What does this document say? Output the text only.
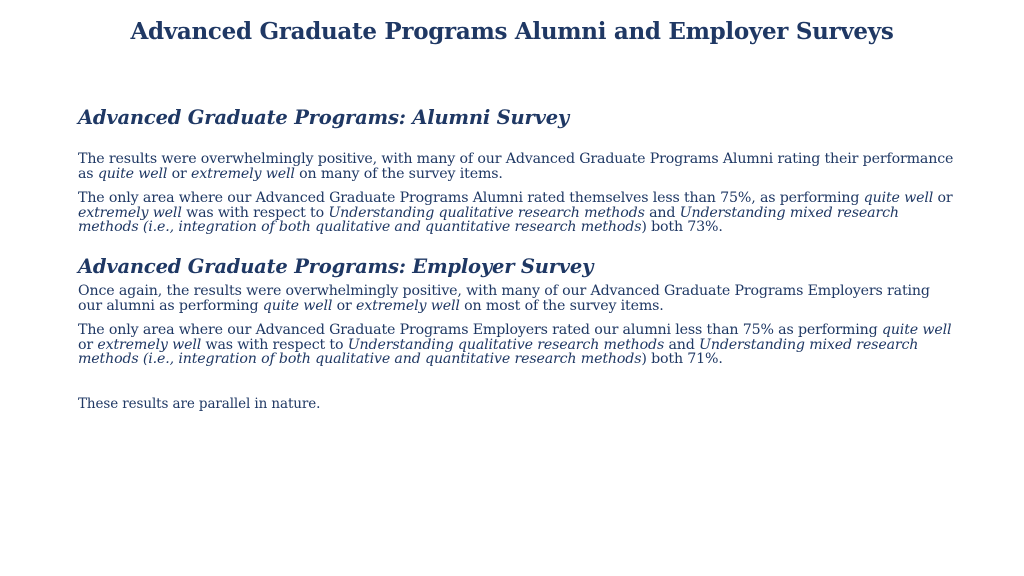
Advanced Graduate Programs Alumni and Employer Surveys
Advanced Graduate Programs: Alumni Survey

The results were overwhelmingly positive, with many of our Advanced Graduate Programs Alumni rating their performance as quite well or extremely well on many of the survey items.

The only area where our Advanced Graduate Programs Alumni rated themselves less than 75%, as performing quite well or extremely well was with respect to Understanding qualitative research methods and Understanding mixed research methods (i.e., integration of both qualitative and quantitative research methods) both 73%.

Advanced Graduate Programs: Employer Survey

Once again, the results were overwhelmingly positive, with many of our Advanced Graduate Programs Employers rating our alumni as performing quite well or extremely well on most of the survey items.

The only area where our Advanced Graduate Programs Employers rated our alumni less than 75% as performing quite well or extremely well was with respect to Understanding qualitative research methods and Understanding mixed research methods (i.e., integration of both qualitative and quantitative research methods) both 71%.

These results are parallel in nature.
